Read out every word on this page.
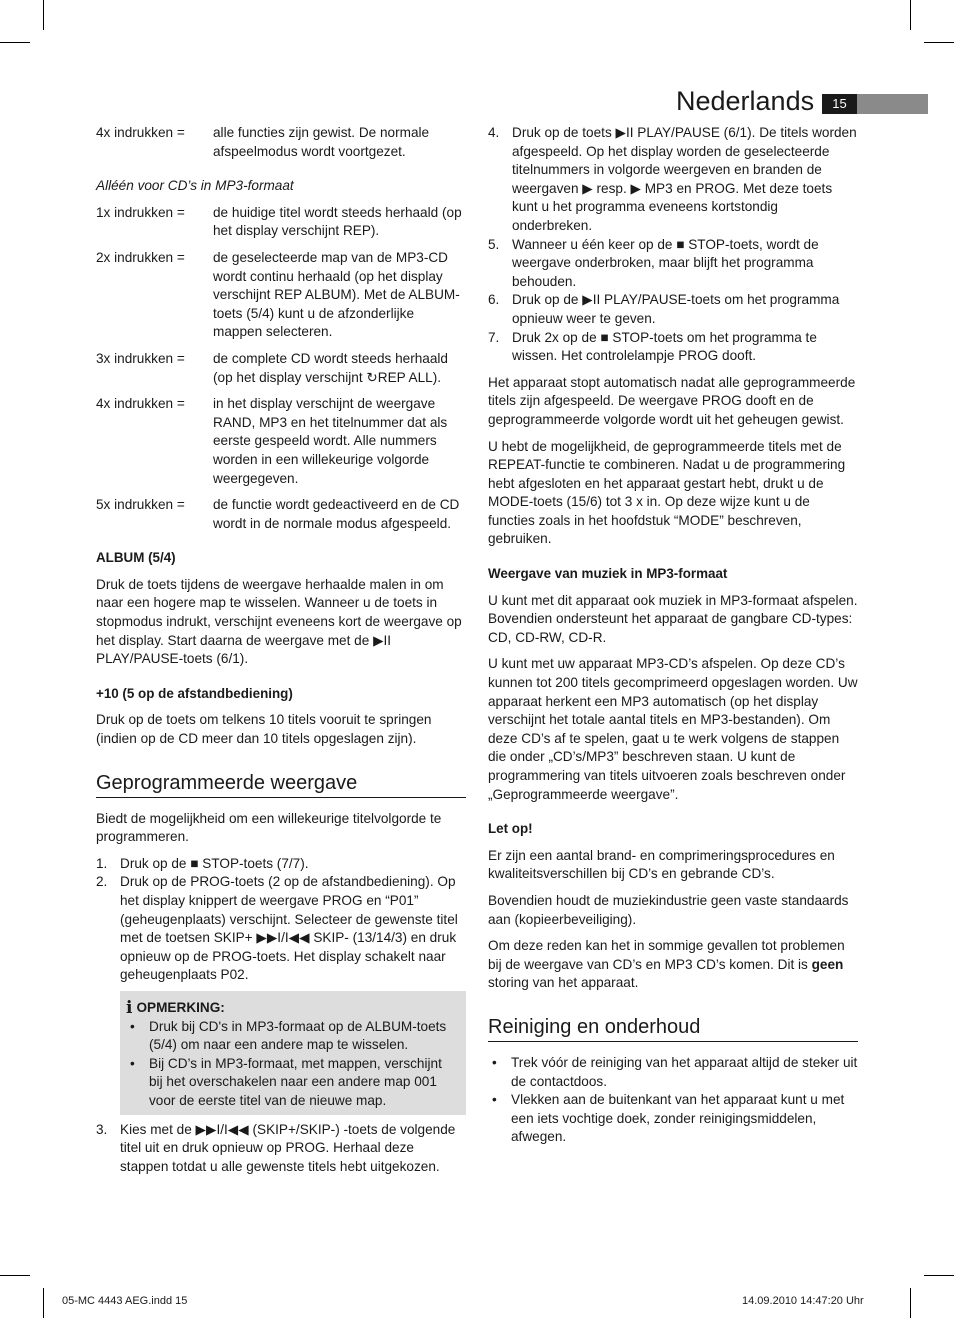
Nederlands	15
4x indrukken =	alle functies zijn gewist. De normale afspeelmodus wordt voortgezet.
Alléén voor CD’s in MP3-formaat
1x indrukken =	de huidige titel wordt steeds herhaald (op het display verschijnt REP).
2x indrukken =	de geselecteerde map van de MP3-CD wordt continu herhaald (op het display verschijnt REP ALBUM). Met de ALBUM-toets (5/4) kunt u de afzonderlijke mappen selecteren.
3x indrukken =	de complete CD wordt steeds herhaald (op het display verschijnt ↻REP ALL).
4x indrukken =	in het display verschijnt de weergave RAND, MP3 en het titelnummer dat als eerste gespeeld wordt. Alle nummers worden in een willekeurige volgorde weergegeven.
5x indrukken =	de functie wordt gedeactiveerd en de CD wordt in de normale modus afgespeeld.
ALBUM (5/4)

Druk de toets tijdens de weergave herhaalde malen in om naar een hogere map te wisselen. Wanneer u de toets in stopmodus indrukt, verschijnt eveneens kort de weergave op het display. Start daarna de weergave met de ▶II PLAY/PAUSE-toets (6/1).

+10 (5 op de afstandbediening)

Druk op de toets om telkens 10 titels vooruit te springen (indien op de CD meer dan 10 titels opgeslagen zijn).

Geprogrammeerde weergave

Biedt de mogelijkheid om een willekeurige titelvolgorde te programmeren.

1. Druk op de ■ STOP-toets (7/7).
2. Druk op de PROG-toets (2 op de afstandbediening). Op het display knippert de weergave PROG en “P01” (geheugenplaats) verschijnt. Selecteer de gewenste titel met de toetsen SKIP+ ▶▶I/I◀◀ SKIP- (13/14/3) en druk opnieuw op de PROG-toets. Het display schakelt naar geheugenplaats P02.
i OPMERKING:
•	Druk bij CD's in MP3-formaat op de ALBUM-toets (5/4) om naar een andere map te wisselen.
•	Bij CD’s in MP3-formaat, met mappen, verschijnt bij het overschakelen naar een andere map 001 voor de eerste titel van de nieuwe map.
3. Kies met de ▶▶I/I◀◀ (SKIP+/SKIP-) -toets de volgende titel uit en druk opnieuw op PROG. Herhaal deze stappen totdat u alle gewenste titels hebt uitgekozen.
4. Druk op de toets ▶II PLAY/PAUSE (6/1). De titels worden afgespeeld. Op het display worden de geselecteerde titelnummers in volgorde weergeven en branden de weergaven ▶ resp. ▶ MP3 en PROG. Met deze toets kunt u het programma eveneens kortstondig onderbreken.
5. Wanneer u één keer op de ■ STOP-toets, wordt de weergave onderbroken, maar blijft het programma behouden.
6. Druk op de ▶II PLAY/PAUSE-toets om het programma opnieuw weer te geven.
7. Druk 2x op de ■ STOP-toets om het programma te wissen. Het controlelampje PROG dooft.

Het apparaat stopt automatisch nadat alle geprogrammeerde titels zijn afgespeeld. De weergave PROG dooft en de geprogrammeerde volgorde wordt uit het geheugen gewist.

U hebt de mogelijkheid, de geprogrammeerde titels met de REPEAT-functie te combineren. Nadat u de programmering hebt afgesloten en het apparaat gestart hebt, drukt u de MODE-toets (15/6) tot 3 x in. Op deze wijze kunt u de functies zoals in het hoofdstuk “MODE” beschreven, gebruiken.

Weergave van muziek in MP3-formaat

U kunt met dit apparaat ook muziek in MP3-formaat afspelen. Bovendien ondersteunt het apparaat de gangbare CD-types: CD, CD-RW, CD-R.

U kunt met uw apparaat MP3-CD’s afspelen. Op deze CD’s kunnen tot 200 titels gecomprimeerd opgeslagen worden. Uw apparaat herkent een MP3 automatisch (op het display verschijnt het totale aantal titels en MP3-bestanden). Om deze CD’s af te spelen, gaat u te werk volgens de stappen die onder „CD’s/MP3” beschreven staan. U kunt de programmering van titels uitvoeren zoals beschreven onder „Geprogrammeerde weergave”.

Let op!

Er zijn een aantal brand- en comprimeringsprocedures en kwaliteitsverschillen bij CD’s en gebrande CD’s.

Bovendien houdt de muziekindustrie geen vaste standaards aan (kopieerbeveiliging).

Om deze reden kan het in sommige gevallen tot problemen bij de weergave van CD’s en MP3 CD’s komen. Dit is geen storing van het apparaat.

Reiniging en onderhoud
•	Trek vóór de reiniging van het apparaat altijd de steker uit de contactdoos.
•	Vlekken aan de buitenkant van het apparaat kunt u met een iets vochtige doek, zonder reinigingsmiddelen, afwegen.
05-MC 4443 AEG.indd 15	14.09.2010 14:47:20 Uhr
